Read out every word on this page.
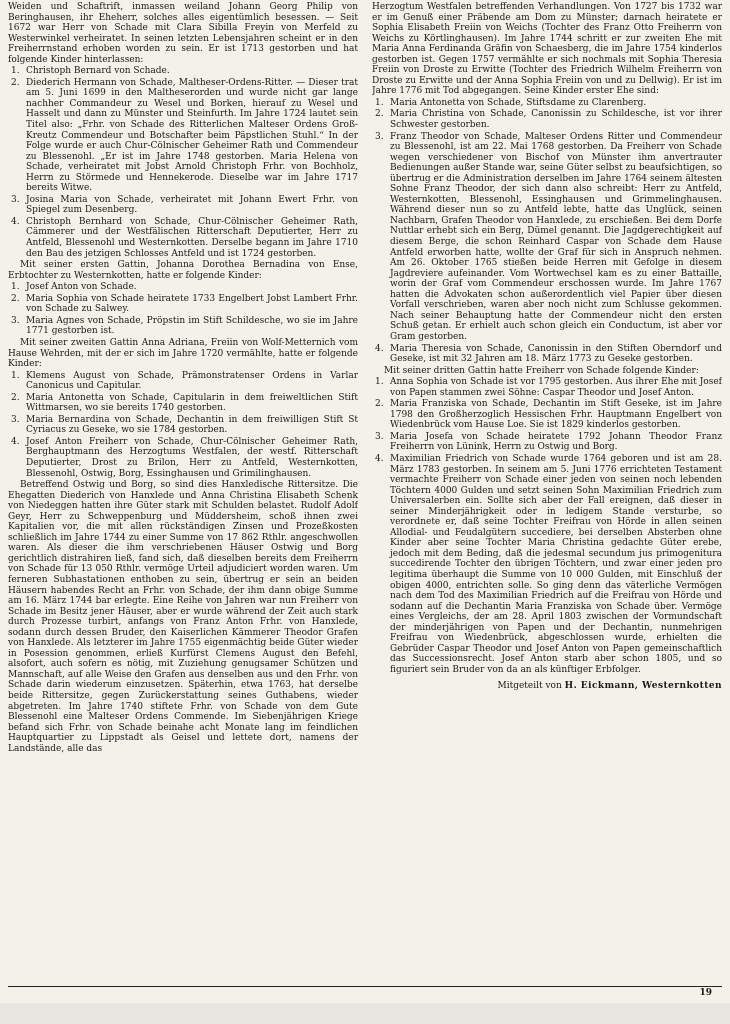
Weiden und Schaftrift, inmassen weiland Johann Georg Philip von Beringhausen, ihr Eheherr, solches alles eigentümlich besessen. — Seit 1672 war Herr von Schade mit Clara Sibilla Freyin von Merfeld zu Westerwinkel verheiratet. In seinen letzten Lebensjahren scheint er in den Freiherrnstand erhoben worden zu sein. Er ist 1713 gestorben und hat folgende Kinder hinterlassen:

1. Christoph Bernard von Schade.
2. Diederich Hermann von Schade, Maltheser-Ordens-Ritter. — Dieser trat am 5. Juni 1699 in den Maltheserorden und wurde nicht gar lange nachher Commandeur zu Wesel und Borken, hierauf zu Wesel und Hasselt und dann zu Münster und Steinfurth. Im Jahre 1724 lautet sein Titel also: „Frhr. von Schade des Ritterlichen Malteser Ordens Groß-Kreutz Commendeur und Botschafter beim Päpstlichen Stuhl.“ In der Folge wurde er auch Chur-Cölnischer Geheimer Rath und Commendeur zu Blessenohl. „Er ist im Jahre 1748 gestorben. Maria Helena von Schade, verheiratet mit Jobst Arnold Christoph Frhr. von Bochholz, Herrn zu Störmede und Hennekerode. Dieselbe war im Jahre 1717 bereits Witwe.
3. Josina Maria von Schade, verheiratet mit Johann Ewert Frhr. von Spiegel zum Desenberg.
4. Christoph Bernhard von Schade, Chur-Cölnischer Geheimer Rath, Cämmerer und der Westfälischen Ritterschaft Deputierter, Herr zu Antfeld, Blessenohl und Westernkotten. Derselbe begann im Jahre 1710 den Bau des jetzigen Schlosses Antfeld und ist 1724 gestorben.

Mit seiner ersten Gattin, Johanna Dorothea Bernadina von Ense, Erbtochter zu Westernkotten, hatte er folgende Kinder:

1. Josef Anton von Schade.
2. Maria Sophia von Schade heiratete 1733 Engelbert Jobst Lambert Frhr. von Schade zu Salwey.
3. Maria Agnes von Schade, Pröpstin im Stift Schildesche, wo sie im Jahre 1771 gestorben ist.

Mit seiner zweiten Gattin Anna Adriana, Freiin von Wolf-Metternich vom Hause Wehrden, mit der er sich im Jahre 1720 vermählte, hatte er folgende Kinder:

1. Klemens August von Schade, Prämonstratenser Ordens in Varlar Canonicus und Capitular.
2. Maria Antonetta von Schade, Capitularin in dem freiweltlichen Stift Wittmarsen, wo sie bereits 1740 gestorben.
3. Maria Bernardina von Schade, Dechantin in dem freiwilligen Stift St Cyriacus zu Geseke, wo sie 1784 gestorben.
4. Josef Anton Freiherr von Schade, Chur-Cölnischer Geheimer Rath, Berghauptmann des Herzogtums Westfalen, der westf. Ritterschaft Deputierter, Drost zu Brilon, Herr zu Antfeld, Westernkotten, Blessenohl, Ostwig, Borg, Essinghausen und Grimilinghausen.

Betreffend Ostwig und Borg, so sind dies Hanxledische Rittersitze. Die Ehegatten Diederich von Hanxlede und Anna Christina Elisabeth Schenk von Niedeggen hatten ihre Güter stark mit Schulden belastet. Rudolf Adolf Geyr, Herr zu Schweppenburg und Müddersheim, schoß ihnen zwei Kapitalien vor, die mit allen rückständigen Zinsen und Prozeßkosten schließlich im Jahre 1744 zu einer Summe von 17 862 Rthlr. angeschwollen waren. Als dieser die ihm verschriebenen Häuser Ostwig und Borg gerichtlich distrahiren ließ, fand sich, daß dieselben bereits dem Freiherrn von Schade für 13 050 Rthlr. vermöge Urteil adjudiciert worden waren. Um ferneren Subhastationen enthoben zu sein, übertrug er sein an beiden Häusern habendes Recht an Frhr. von Schade, der ihm dann obige Summe am 16. März 1744 bar erlegte. Eine Reihe von Jahren war nun Freiherr von Schade im Besitz jener Häuser, aber er wurde während der Zeit auch stark durch Prozesse turbirt, anfangs von Franz Anton Frhr. von Hanxlede, sodann durch dessen Bruder, den Kaiserlichen Kämmerer Theodor Grafen von Hanxlede. Als letzterer im Jahre 1755 eigenmächtig beide Güter wieder in Posession genommen, erließ Kurfürst Clemens August den Befehl, alsofort, auch sofern es nötig, mit Zuziehung genugsamer Schützen und Mannschaft, auf alle Weise den Grafen aus denselben aus und den Frhr. von Schade darin wiederum einzusetzen. Späterhin, etwa 1763, hat derselbe beide Rittersitze, gegen Zurückerstattung seines Guthabens, wieder abgetreten. Im Jahre 1740 stiftete Frhr. von Schade von dem Gute Blessenohl eine Malteser Ordens Commende. Im Siebenjährigen Kriege befand sich Frhr. von Schade beinahe acht Monate lang im feindlichen Hauptquartier zu Lippstadt als Geisel und lettete dort, namens der Landstände, alle das

Herzogtum Westfalen betreffenden Verhandlungen. Von 1727 bis 1732 war er im Genuß einer Präbende am Dom zu Münster; darnach heiratete er Sophia Elisabeth Freiin von Weichs (Tochter des Franz Otto Freiherrn von Weichs zu Körtlinghausen). Im Jahre 1744 schritt er zur zweiten Ehe mit Maria Anna Ferdinanda Gräfin von Schaesberg, die im Jahre 1754 kinderlos gestorben ist. Gegen 1757 vermählte er sich nochmals mit Sophia Theresia Freiin von Droste zu Erwitte (Tochter des Friedrich Wilhelm Freiherrn von Droste zu Erwitte und der Anna Sophia Freiin von und zu Dellwig). Er ist im Jahre 1776 mit Tod abgegangen. Seine Kinder erster Ehe sind:

1. Maria Antonetta von Schade, Stiftsdame zu Clarenberg.
2. Maria Christina von Schade, Canonissin zu Schildesche, ist vor ihrer Schwester gestorben.
3. Franz Theodor von Schade, Malteser Ordens Ritter und Commendeur zu Blessenohl, ist am 22. Mai 1768 gestorben. Da Freiherr von Schade wegen verschiedener von Bischof von Münster ihm anvertrauter Bedienungen außer Stande war, seine Güter selbst zu beaufsichtigen, so übertrug er die Administration derselben im Jahre 1764 seinem ältesten Sohne Franz Theodor, der sich dann also schreibt: Herr zu Antfeld, Westernkotten, Blessenohl, Essinghausen und Grimmelinghausen. Während dieser nun so zu Antfeld lebte, hatte das Unglück, seinen Nachbarn, Grafen Theodor von Hanxlede, zu erschießen. Bei dem Dorfe Nuttlar erhebt sich ein Berg, Dümel genannt. Die Jagdgerechtigkeit auf diesem Berge, die schon Reinhard Caspar von Schade dem Hause Antfeld erworben hatte, wollte der Graf für sich in Anspruch nehmen. Am 26. Oktober 1765 stießen beide Herren mit Gefolge in diesem Jagdreviere aufeinander. Vom Wortwechsel kam es zu einer Battaille, worin der Graf vom Commendeur erschossen wurde. Im Jahre 1767 hatten die Advokaten schon außerordentlich viel Papier über diesen Vorfall verschrieben, waren aber noch nicht zum Schlusse gekommen. Nach seiner Behauptung hatte der Commendeur nicht den ersten Schuß getan. Er erhielt auch schon gleich ein Conductum, ist aber vor Gram gestorben.
4. Maria Theresia von Schade, Canonissin in den Stiften Oberndorf und Geseke, ist mit 32 Jahren am 18. März 1773 zu Geseke gestorben.

Mit seiner dritten Gattin hatte Freiherr von Schade folgende Kinder:

1. Anna Sophia von Schade ist vor 1795 gestorben. Aus ihrer Ehe mit Josef von Papen stammen zwei Söhne: Caspar Theodor und Josef Anton.
2. Maria Franziska von Schade, Dechantin im Stift Geseke, ist im Jahre 1798 den Großherzoglich Hessischen Frhr. Hauptmann Engelbert von Wiedenbrück vom Hause Loe. Sie ist 1829 kinderlos gestorben.
3. Maria Josefa von Schade heiratete 1792 Johann Theodor Franz Freiherrn von Lünink, Herrn zu Ostwig und Borg.
4. Maximilian Friedrich von Schade wurde 1764 geboren und ist am 28. März 1783 gestorben. In seinem am 5. Juni 1776 errichteten Testament vermachte Freiherr von Schade einer jeden von seinen noch lebenden Töchtern 4000 Gulden und setzt seinen Sohn Maximilian Friedrich zum Universalerben ein. Sollte sich aber der Fall ereignen, daß dieser in seiner Minderjährigkeit oder in ledigem Stande versturbe, so verordnete er, daß seine Tochter Freifrau von Hörde in allen seinen Allodial- und Feudalgütern succediere, bei derselben Absterben ohne Kinder aber seine Tochter Maria Christina gedachte Güter erebe, jedoch mit dem Beding, daß die jedesmal secundum jus primogenitura succedirende Tochter den übrigen Töchtern, und zwar einer jeden pro legitima überhaupt die Summe von 10 000 Gulden, mit Einschluß der obigen 4000, entrichten solle. So ging denn das väterliche Vermögen nach dem Tod des Maximilian Friedrich auf die Freifrau von Hörde und sodann auf die Dechantin Maria Franziska von Schade über. Vermöge eines Vergleichs, der am 28. April 1803 zwischen der Vormundschaft der minderjährigen von Papen und der Dechantin, nunmehrigen Freifrau von Wiedenbrück, abgeschlossen wurde, erhielten die Gebrüder Caspar Theodor und Josef Anton von Papen gemeinschaftlich das Successionsrecht. Josef Anton starb aber schon 1805, und so figuriert sein Bruder von da an als künftiger Erbfolger.
Mitgeteilt von H. Eickmann, Westernkotten
19
